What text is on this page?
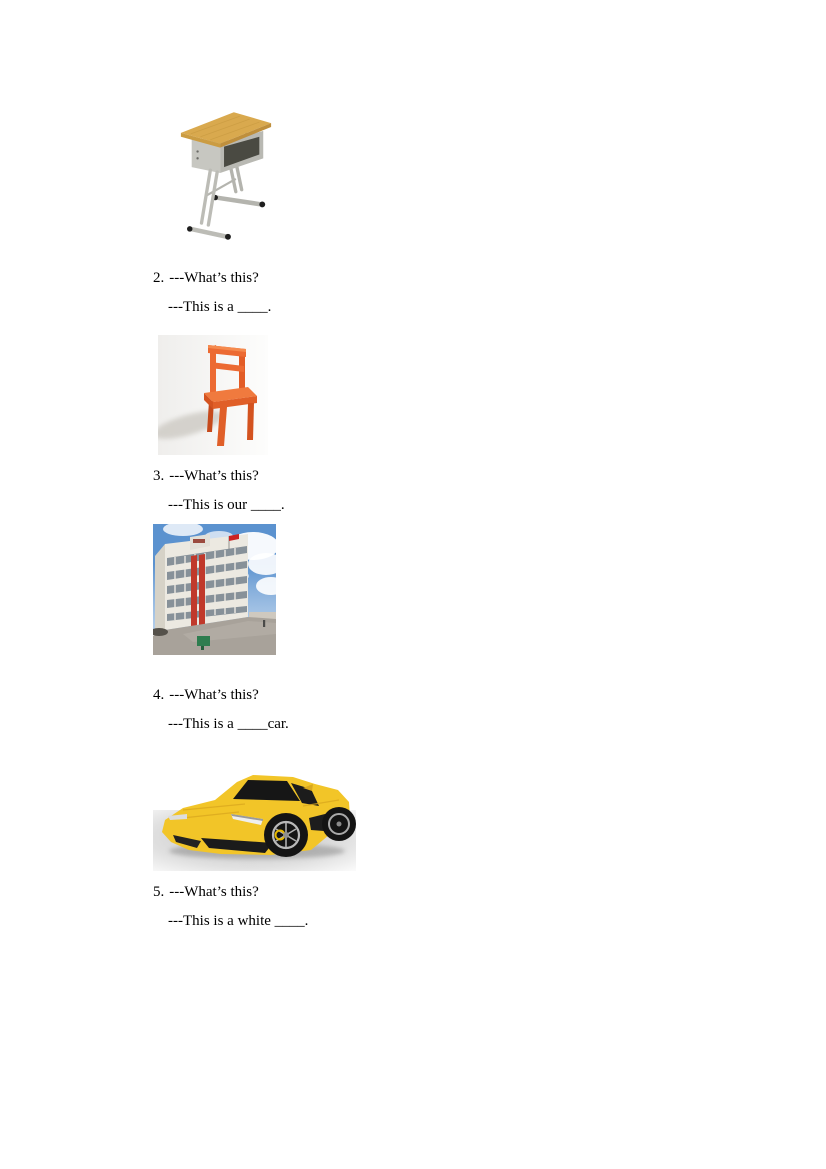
2. ---What’s this?
---This is a ____.
3. ---What’s this?
---This is our ____.
4. ---What’s this?
---This is a ____car.
5. ---What’s this?
---This is a white ____.
